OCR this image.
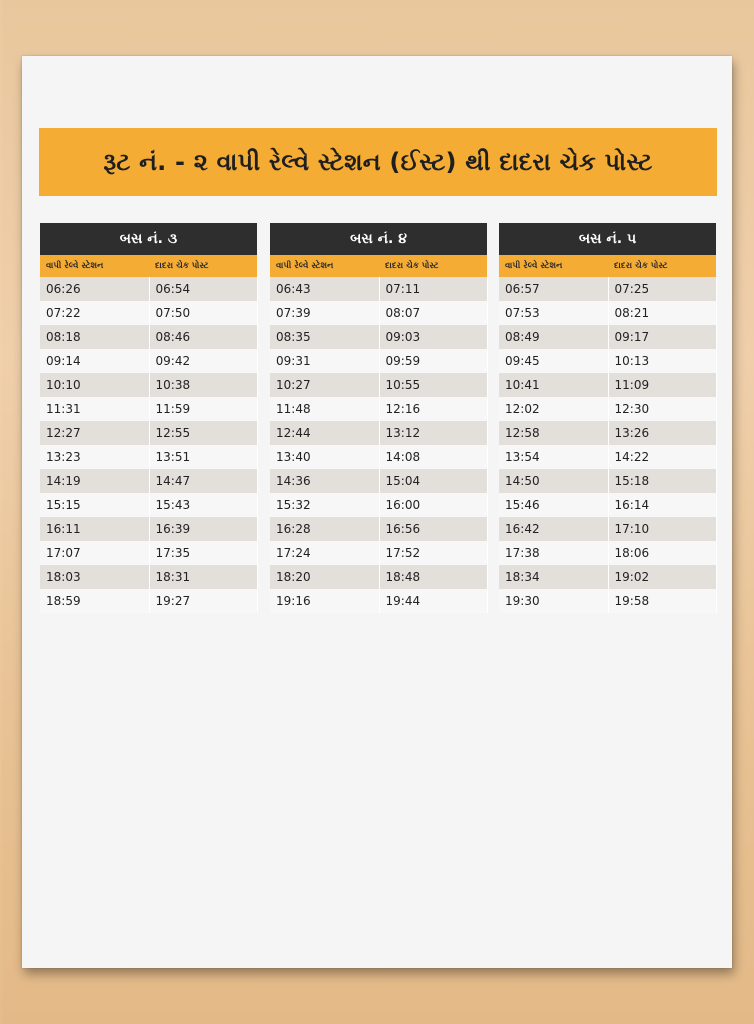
રૂટ નં. - ૨ વાપી રેલ્વે સ્ટેશન (ઈસ્ટ) થી દાદરા ચેક પોસ્ટ
બસ નં. ૩	
વાપી રેલ્વે સ્ટેશન	દાદરા ચેક પોસ્ટ
06:26	06:54
07:22	07:50
08:18	08:46
09:14	09:42
10:10	10:38
11:31	11:59
12:27	12:55
13:23	13:51
14:19	14:47
15:15	15:43
16:11	16:39
17:07	17:35
18:03	18:31
18:59	19:27
બસ નં. ૪	
વાપી રેલ્વે સ્ટેશન	દાદરા ચેક પોસ્ટ
06:43	07:11
07:39	08:07
08:35	09:03
09:31	09:59
10:27	10:55
11:48	12:16
12:44	13:12
13:40	14:08
14:36	15:04
15:32	16:00
16:28	16:56
17:24	17:52
18:20	18:48
19:16	19:44
બસ નં. ૫	
વાપી રેલ્વે સ્ટેશન	દાદરા ચેક પોસ્ટ
06:57	07:25
07:53	08:21
08:49	09:17
09:45	10:13
10:41	11:09
12:02	12:30
12:58	13:26
13:54	14:22
14:50	15:18
15:46	16:14
16:42	17:10
17:38	18:06
18:34	19:02
19:30	19:58
